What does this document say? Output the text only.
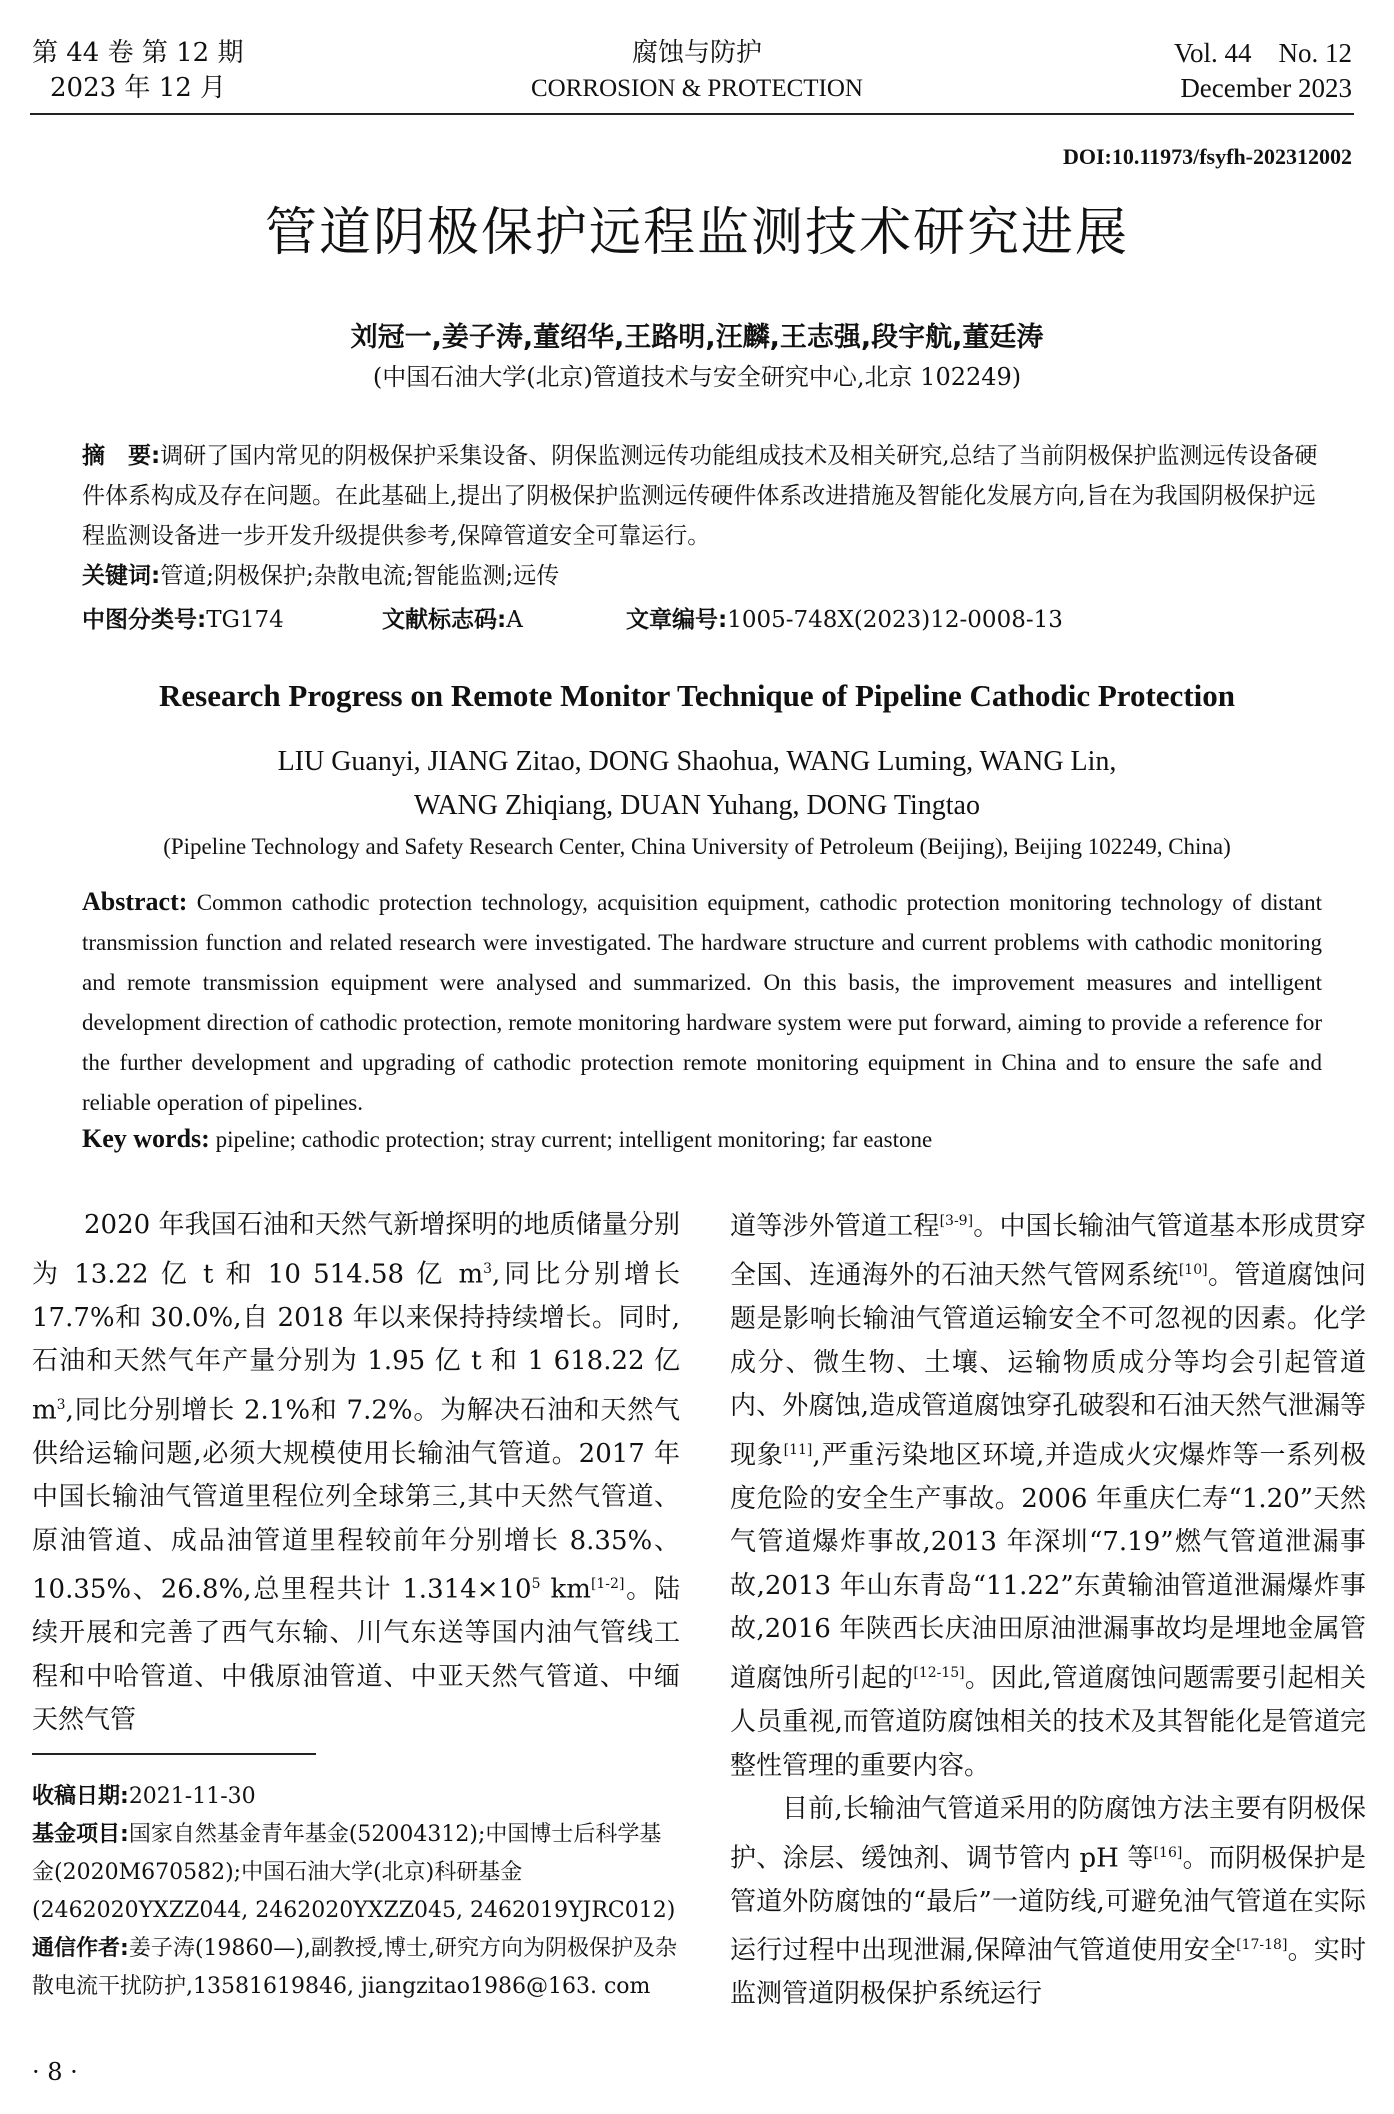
第 44 卷 第 12 期
2023 年 12 月
腐蚀与防护
CORROSION & PROTECTION
Vol. 44    No. 12
December 2023
DOI:10.11973/fsyfh-202312002
管道阴极保护远程监测技术研究进展
刘冠一,姜子涛,董绍华,王路明,汪麟,王志强,段宇航,董廷涛
(中国石油大学(北京)管道技术与安全研究中心,北京 102249)
摘　要:调研了国内常见的阴极保护采集设备、阴保监测远传功能组成技术及相关研究,总结了当前阴极保护监测远传设备硬件体系构成及存在问题。在此基础上,提出了阴极保护监测远传硬件体系改进措施及智能化发展方向,旨在为我国阴极保护远程监测设备进一步开发升级提供参考,保障管道安全可靠运行。
关键词:管道;阴极保护;杂散电流;智能监测;远传
中图分类号:TG174	文献标志码:A	文章编号:1005-748X(2023)12-0008-13
Research Progress on Remote Monitor Technique of Pipeline Cathodic Protection
LIU Guanyi, JIANG Zitao, DONG Shaohua, WANG Luming, WANG Lin,
WANG Zhiqiang, DUAN Yuhang, DONG Tingtao
(Pipeline Technology and Safety Research Center, China University of Petroleum (Beijing), Beijing 102249, China)
Abstract: Common cathodic protection technology, acquisition equipment, cathodic protection monitoring technology of distant transmission function and related research were investigated. The hardware structure and current problems with cathodic monitoring and remote transmission equipment were analysed and summarized. On this basis, the improvement measures and intelligent development direction of cathodic protection, remote monitoring hardware system were put forward, aiming to provide a reference for the further development and upgrading of cathodic protection remote monitoring equipment in China and to ensure the safe and reliable operation of pipelines.
Key words: pipeline; cathodic protection; stray current; intelligent monitoring; far eastone

2020 年我国石油和天然气新增探明的地质储量分别为 13.22 亿 t 和 10 514.58 亿 $m^3$,同比分别增长 17.7%和 30.0%,自 2018 年以来保持持续增长。同时,石油和天然气年产量分别为 1.95 亿 t 和 1 618.22 亿 $m^3$,同比分别增长 2.1%和 7.2%。为解决石油和天然气供给运输问题,必须大规模使用长输油气管道。2017 年中国长输油气管道里程位列全球第三,其中天然气管道、原油管道、成品油管道里程较前年分别增长 8.35%、10.35%、26.8%,总里程共计 $1.314\times 10^5$ km[1-2]。陆续开展和完善了西气东输、川气东送等国内油气管线工程和中哈管道、中俄原油管道、中亚天然气管道、中缅天然气管

道等涉外管道工程[3-9]。中国长输油气管道基本形成贯穿全国、连通海外的石油天然气管网系统[10]。管道腐蚀问题是影响长输油气管道运输安全不可忽视的因素。化学成分、微生物、土壤、运输物质成分等均会引起管道内、外腐蚀,造成管道腐蚀穿孔破裂和石油天然气泄漏等现象[11],严重污染地区环境,并造成火灾爆炸等一系列极度危险的安全生产事故。2006 年重庆仁寿“1.20”天然气管道爆炸事故,2013 年深圳“7.19”燃气管道泄漏事故,2013 年山东青岛“11.22”东黄输油管道泄漏爆炸事故,2016 年陕西长庆油田原油泄漏事故均是埋地金属管道腐蚀所引起的[12-15]。因此,管道腐蚀问题需要引起相关人员重视,而管道防腐蚀相关的技术及其智能化是管道完整性管理的重要内容。

目前,长输油气管道采用的防腐蚀方法主要有阴极保护、涂层、缓蚀剂、调节管内 pH 等[16]。而阴极保护是管道外防腐蚀的“最后”一道防线,可避免油气管道在实际运行过程中出现泄漏,保障油气管道使用安全[17-18]。实时监测管道阴极保护系统运行

收稿日期:2021-11-30
基金项目:国家自然基金青年基金(52004312);中国博士后科学基金(2020M670582);中国石油大学(北京)科研基金(2462020YXZZ044, 2462020YXZZ045, 2462019YJRC012)
通信作者:姜子涛(19860—),副教授,博士,研究方向为阴极保护及杂散电流干扰防护,13581619846, jiangzitao1986@163. com
· 8 ·
